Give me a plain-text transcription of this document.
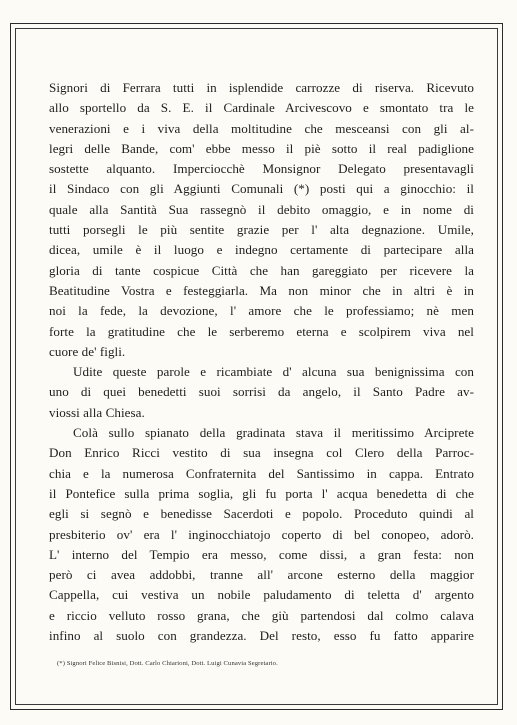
Signori di Ferrara tutti in isplendide carrozze di riserva. Ricevuto
allo sportello da S. E. il Cardinale Arcivescovo e smontato tra le
venerazioni e i viva della moltitudine che mesceansi con gli al-
legri delle Bande, com' ebbe messo il piè sotto il real padiglione
sostette alquanto. Imperciocchè Monsignor Delegato presentavagli
il Sindaco con gli Aggiunti Comunali (*) posti qui a ginocchio: il
quale alla Santità Sua rassegnò il debito omaggio, e in nome di
tutti porsegli le più sentite grazie per l' alta degnazione. Umile,
dicea, umile è il luogo e indegno certamente di partecipare alla
gloria di tante cospicue Città che han gareggiato per ricevere la
Beatitudine Vostra e festeggiarla. Ma non minor che in altri è in
noi la fede, la devozione, l' amore che le professiamo; nè men
forte la gratitudine che le serberemo eterna e scolpirem viva nel
cuore de' figli.
Udite queste parole e ricambiate d' alcuna sua benignissima con
uno di quei benedetti suoi sorrisi da angelo, il Santo Padre av-
viossi alla Chiesa.
Colà sullo spianato della gradinata stava il meritissimo Arciprete
Don Enrico Ricci vestito di sua insegna col Clero della Parroc-
chia e la numerosa Confraternita del Santissimo in cappa. Entrato
il Pontefice sulla prima soglia, gli fu porta l' acqua benedetta di che
egli si segnò e benedisse Sacerdoti e popolo. Proceduto quindi al
presbiterio ov' era l' inginocchiatojo coperto di bel conopeo, adorò.
L' interno del Tempio era messo, come dissi, a gran festa: non
però ci avea addobbi, tranne all' arcone esterno della maggior
Cappella, cui vestiva un nobile paludamento di teletta d' argento
e riccio velluto rosso grana, che giù partendosi dal colmo calava
infino al suolo con grandezza. Del resto, esso fu fatto apparire
(*) Signori Felice Bisnisi, Dott. Carlo Chiarioni, Dott. Luigi Cunavia Segretario.
